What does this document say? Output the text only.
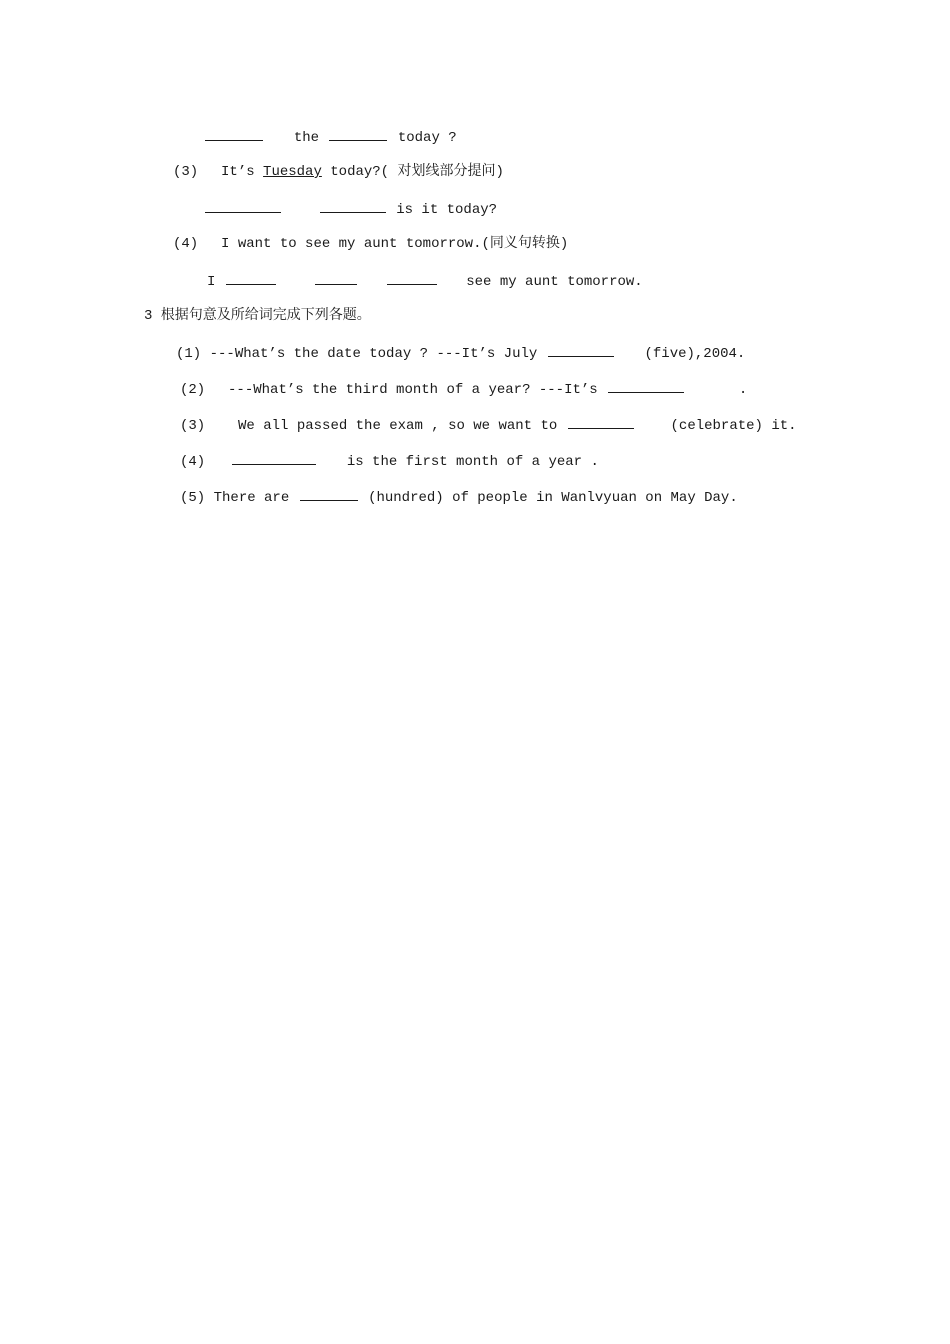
the	today ?
(3) It’s Tuesday today?( 对划线部分提问)
is it today?
(4) I want to see my aunt tomorrow.(同义句转换)
I	see my aunt tomorrow.
3 根据句意及所给词完成下列各题。
(1) ---What’s the date today ? ---It’s July	(five),2004.
(2) ---What’s the third month of a year? ---It’s	.
(3) We all passed the exam , so we want to	(celebrate) it.
(4)	is the first month of a year .
(5) There are	(hundred) of people in Wanlvyuan on May Day.
